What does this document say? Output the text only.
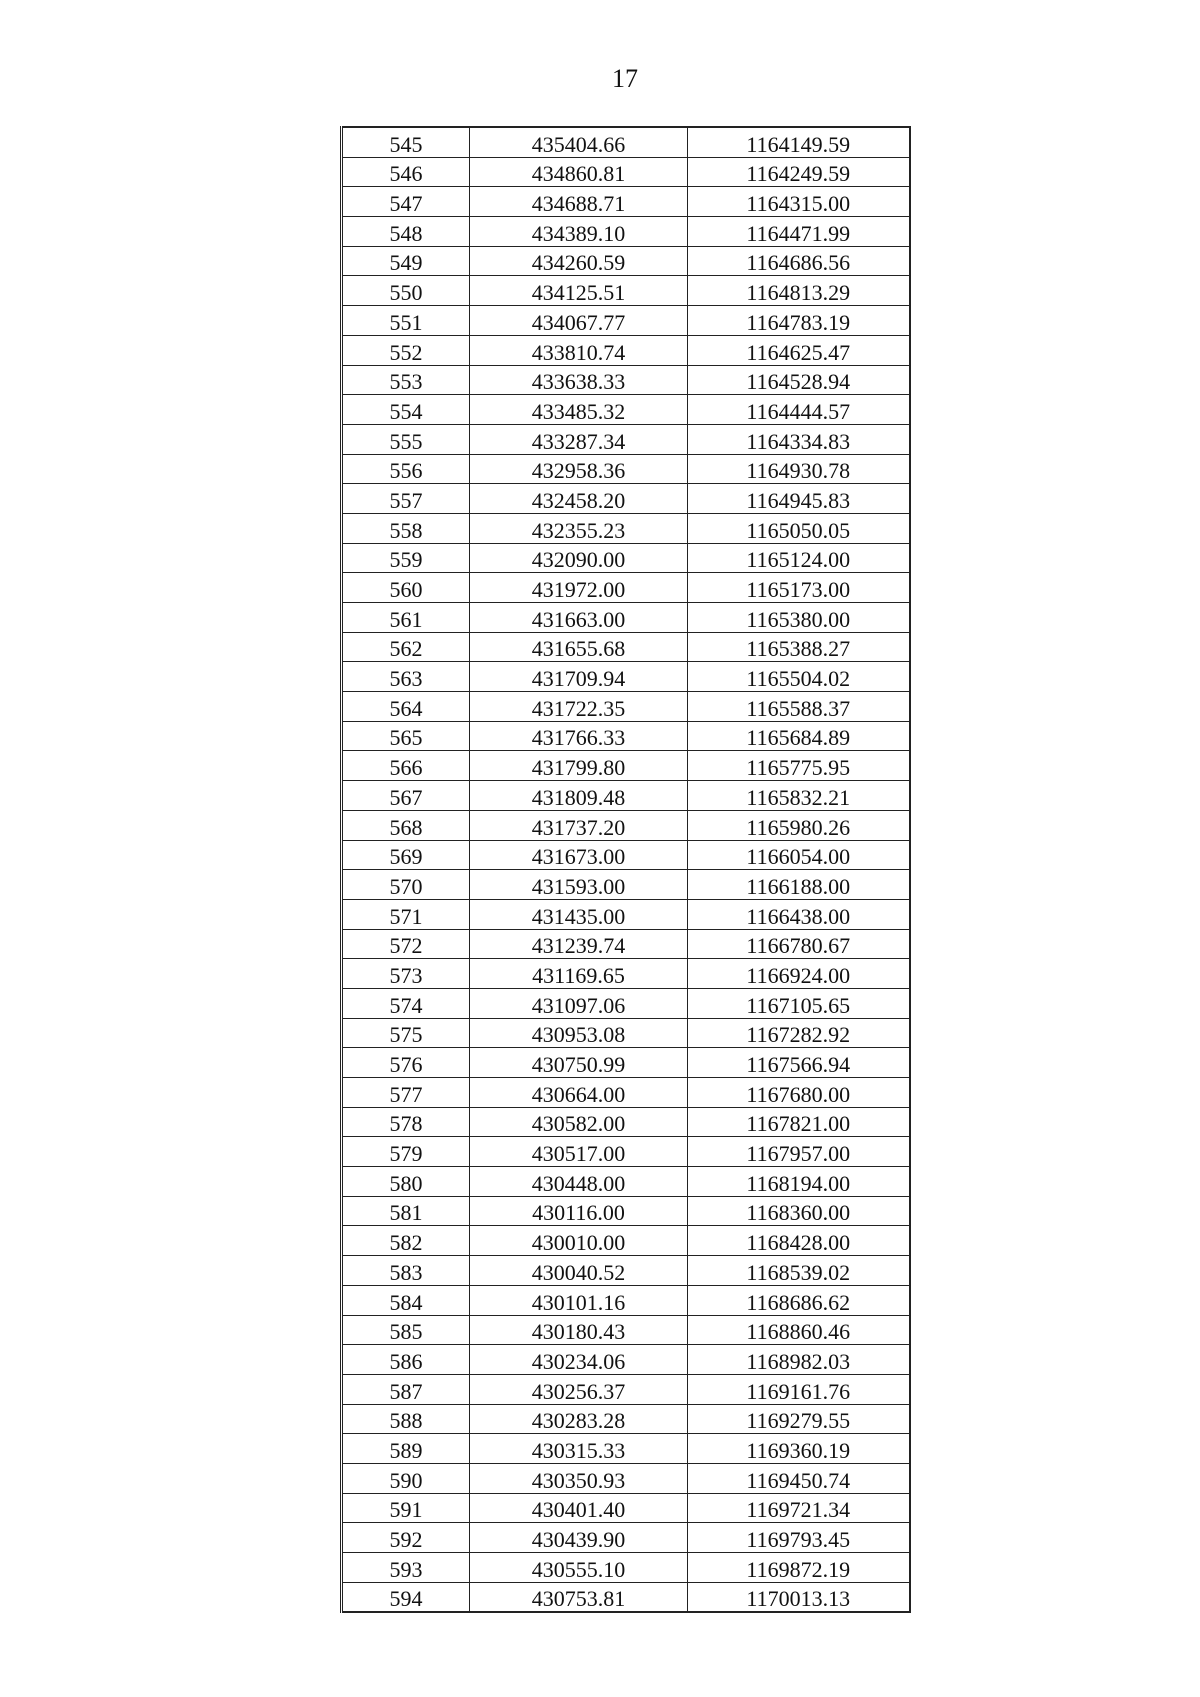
17
545	435404.66	1164149.59
546	434860.81	1164249.59
547	434688.71	1164315.00
548	434389.10	1164471.99
549	434260.59	1164686.56
550	434125.51	1164813.29
551	434067.77	1164783.19
552	433810.74	1164625.47
553	433638.33	1164528.94
554	433485.32	1164444.57
555	433287.34	1164334.83
556	432958.36	1164930.78
557	432458.20	1164945.83
558	432355.23	1165050.05
559	432090.00	1165124.00
560	431972.00	1165173.00
561	431663.00	1165380.00
562	431655.68	1165388.27
563	431709.94	1165504.02
564	431722.35	1165588.37
565	431766.33	1165684.89
566	431799.80	1165775.95
567	431809.48	1165832.21
568	431737.20	1165980.26
569	431673.00	1166054.00
570	431593.00	1166188.00
571	431435.00	1166438.00
572	431239.74	1166780.67
573	431169.65	1166924.00
574	431097.06	1167105.65
575	430953.08	1167282.92
576	430750.99	1167566.94
577	430664.00	1167680.00
578	430582.00	1167821.00
579	430517.00	1167957.00
580	430448.00	1168194.00
581	430116.00	1168360.00
582	430010.00	1168428.00
583	430040.52	1168539.02
584	430101.16	1168686.62
585	430180.43	1168860.46
586	430234.06	1168982.03
587	430256.37	1169161.76
588	430283.28	1169279.55
589	430315.33	1169360.19
590	430350.93	1169450.74
591	430401.40	1169721.34
592	430439.90	1169793.45
593	430555.10	1169872.19
594	430753.81	1170013.13
